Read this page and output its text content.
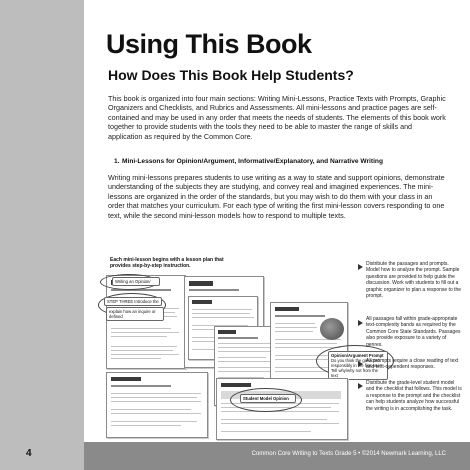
4	Common Core Writing to Texts Grade 5 • ©2014 Newmark Learning, LLC
Using This Book
How Does This Book Help Students?
This book is organized into four main sections: Writing Mini-Lessons, Practice Texts with Prompts, Graphic Organizers and Checklists, and Rubrics and Assessments. All mini-lessons and practice pages are self-contained and may be used in any order that meets the needs of students. The elements of this book work together to provide students with the tools they need to be able to master the range of skills and application as required by the Common Core.
1. Mini-Lessons for Opinion/Argument, Informative/Explanatory, and Narrative Writing
Writing mini-lessons prepares students to use writing as a way to state and support opinions, demonstrate understanding of the subjects they are studying, and convey real and imagined experiences. The mini-lessons are organized in the order of the standards, but you may wish to do them with your class in an order that matches your curriculum. For each type of writing the first mini-lesson covers responding to one text, while the second mini-lesson models how to respond to multiple texts.
Each mini-lesson begins with a lesson plan that provides step-by-step instruction.
Writing an Opinion/
STEP THREE Introduce the
explain how an inquire or defined
Opinion/Argument Prompt
Do you think the girl acted responsibly in the first one? Tell why/why not from the text
Student Model Opinion
Distribute the passages and prompts. Model how to analyze the prompt. Sample questions are provided to help guide the discussion. Work with students to fill out a graphic organizer to plan a response to the prompt.
All passages fall within grade-appropriate text-complexity bands as required by the Common Core State Standards. Passages also provide exposure to a variety of genres.
All prompts require a close reading of text and text-dependent responses.
Distribute the grade-level student model and the checklist that follows. This model is a response to the prompt and the checklist can help students analyze how successful the writing is in accomplishing the task.
